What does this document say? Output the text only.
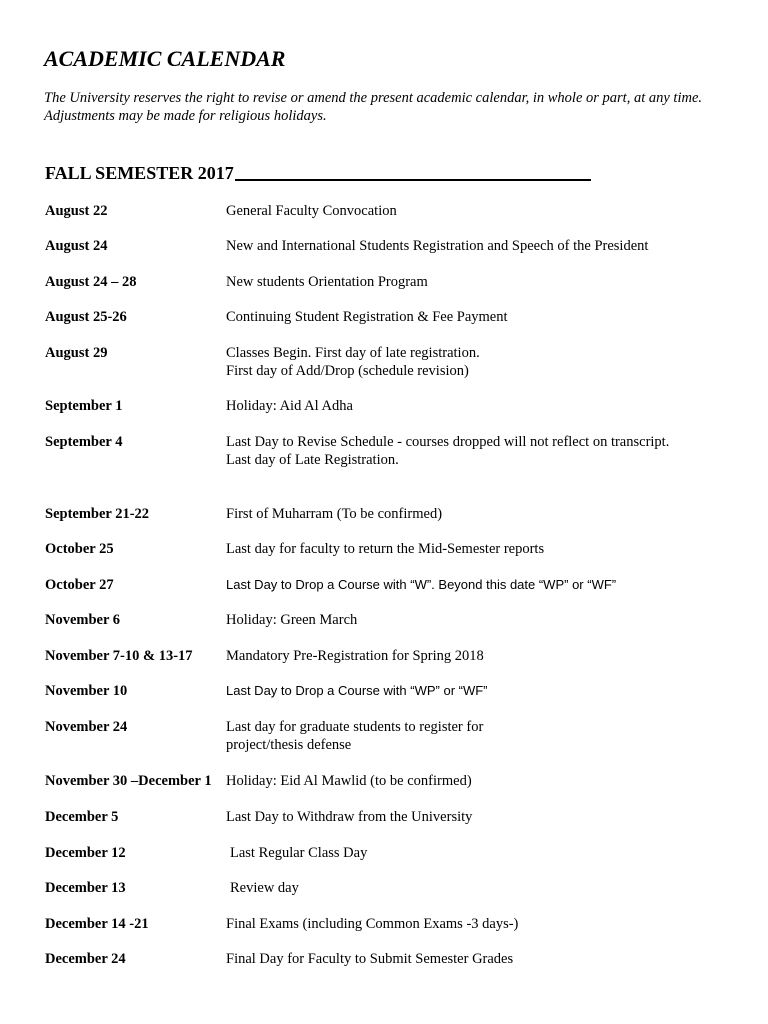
ACADEMIC CALENDAR

The University reserves the right to revise or amend the present academic calendar, in whole or part, at any time.
Adjustments may be made for religious holidays.

FALL SEMESTER 2017
August 22	General Faculty Convocation
August 24	New and International Students Registration and Speech of the President
August 24 – 28	New students Orientation Program
August 25-26	Continuing Student Registration & Fee Payment
August 29	Classes Begin. First day of late registration.
First day of Add/Drop (schedule revision)
September 1	Holiday: Aid Al Adha
September 4	Last Day to Revise Schedule - courses dropped will not reflect on transcript.
Last day of Late Registration.
September 21-22	First of Muharram (To be confirmed)
October 25	Last day for faculty to return the Mid-Semester reports
October 27	Last Day to Drop a Course with “W”. Beyond this date “WP” or “WF”
November 6	Holiday: Green March
November 7-10 & 13-17 Mandatory Pre-Registration for Spring 2018
November 10	Last Day to Drop a Course with “WP” or “WF”
November 24	Last day for graduate students to register for
project/thesis defense
November 30 –December 1 Holiday: Eid Al Mawlid (to be confirmed)
December 5	Last Day to Withdraw from the University
December 12	Last Regular Class Day
December 13	Review day
December 14 -21	Final Exams (including Common Exams -3 days-)
December 24	Final Day for Faculty to Submit Semester Grades
